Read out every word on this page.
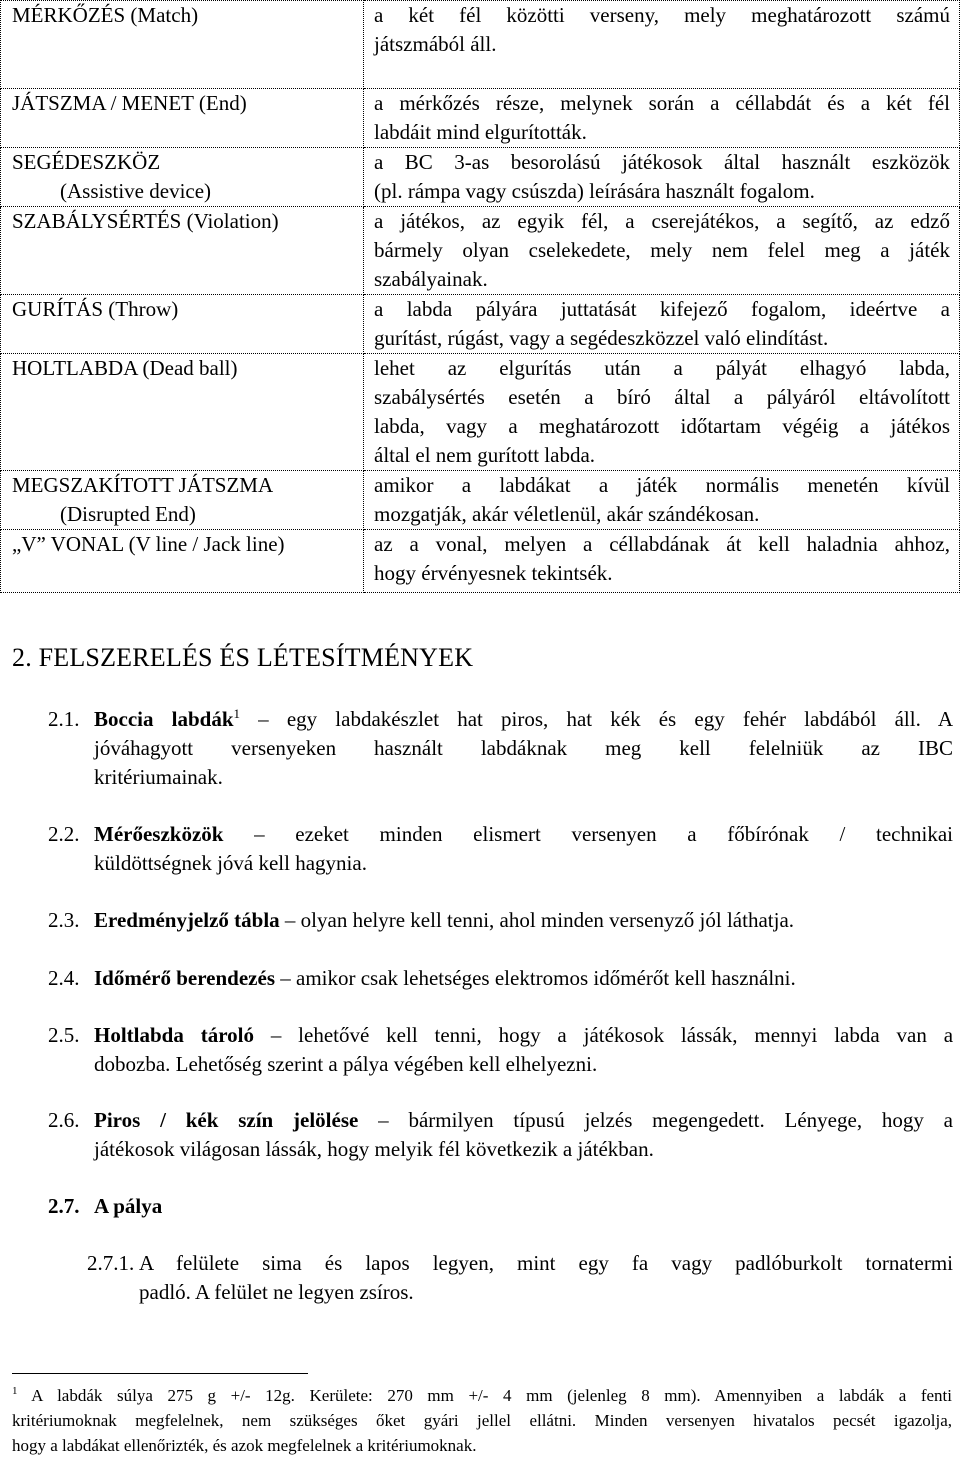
MÉRKŐZÉS (Match)	a két fél közötti verseny, mely meghatározott számú
játszmából áll.

JÁTSZMA / MENET (End)	a mérkőzés része, melynek során a céllabdát és a két fél
labdáit mind elgurították.

SEGÉDESZKÖZ
(Assistive device)	a BC 3-as besorolású játékosok által használt eszközök
(pl. rámpa vagy csúszda) leírására használt fogalom.

SZABÁLYSÉRTÉS (Violation)	a játékos, az egyik fél, a cserejátékos, a segítő, az edző
bármely olyan cselekedete, mely nem felel meg a játék
szabályainak.

GURÍTÁS (Throw)	a labda pályára juttatását kifejező fogalom, ideértve a
gurítást, rúgást, vagy a segédeszközzel való elindítást.

HOLTLABDA (Dead ball)	lehet az elgurítás után a pályát elhagyó labda,
szabálysértés esetén a bíró által a pályáról eltávolított
labda, vagy a meghatározott időtartam végéig a játékos
által el nem gurított labda.

MEGSZAKÍTOTT JÁTSZMA
(Disrupted End)	amikor a labdákat a játék normális menetén kívül
mozgatják, akár véletlenül, akár szándékosan.

„V” VONAL (V line / Jack line)	az a vonal, melyen a céllabdának át kell haladnia ahhoz,
hogy érvényesnek tekintsék.
2. FELSZERELÉS ÉS LÉTESÍTMÉNYEK
2.1. Boccia labdák$^1$ – egy labdakészlet hat piros, hat kék és egy fehér labdából áll. A
jóváhagyott versenyeken használt labdáknak meg kell felelniük az IBC
kritériumainak.
2.2. Mérőeszközök – ezeket minden elismert versenyen a főbírónak / technikai
küldöttségnek jóvá kell hagynia.
2.3. Eredményjelző tábla – olyan helyre kell tenni, ahol minden versenyző jól láthatja.
2.4. Időmérő berendezés – amikor csak lehetséges elektromos időmérőt kell használni.
2.5. Holtlabda tároló – lehetővé kell tenni, hogy a játékosok lássák, mennyi labda van a
dobozba. Lehetőség szerint a pálya végében kell elhelyezni.
2.6. Piros / kék szín jelölése – bármilyen típusú jelzés megengedett. Lényege, hogy a
játékosok világosan lássák, hogy melyik fél következik a játékban.
2.7. A pálya
2.7.1. A felülete sima és lapos legyen, mint egy fa vagy padlóburkolt tornatermi
padló. A felület ne legyen zsíros.
$^1$ A labdák súlya 275 g +/- 12g. Kerülete: 270 mm +/- 4 mm (jelenleg 8 mm). Amennyiben a labdák a fenti
kritériumoknak megfelelnek, nem szükséges őket gyári jellel ellátni. Minden versenyen hivatalos pecsét igazolja,
hogy a labdákat ellenőrizték, és azok megfelelnek a kritériumoknak.
